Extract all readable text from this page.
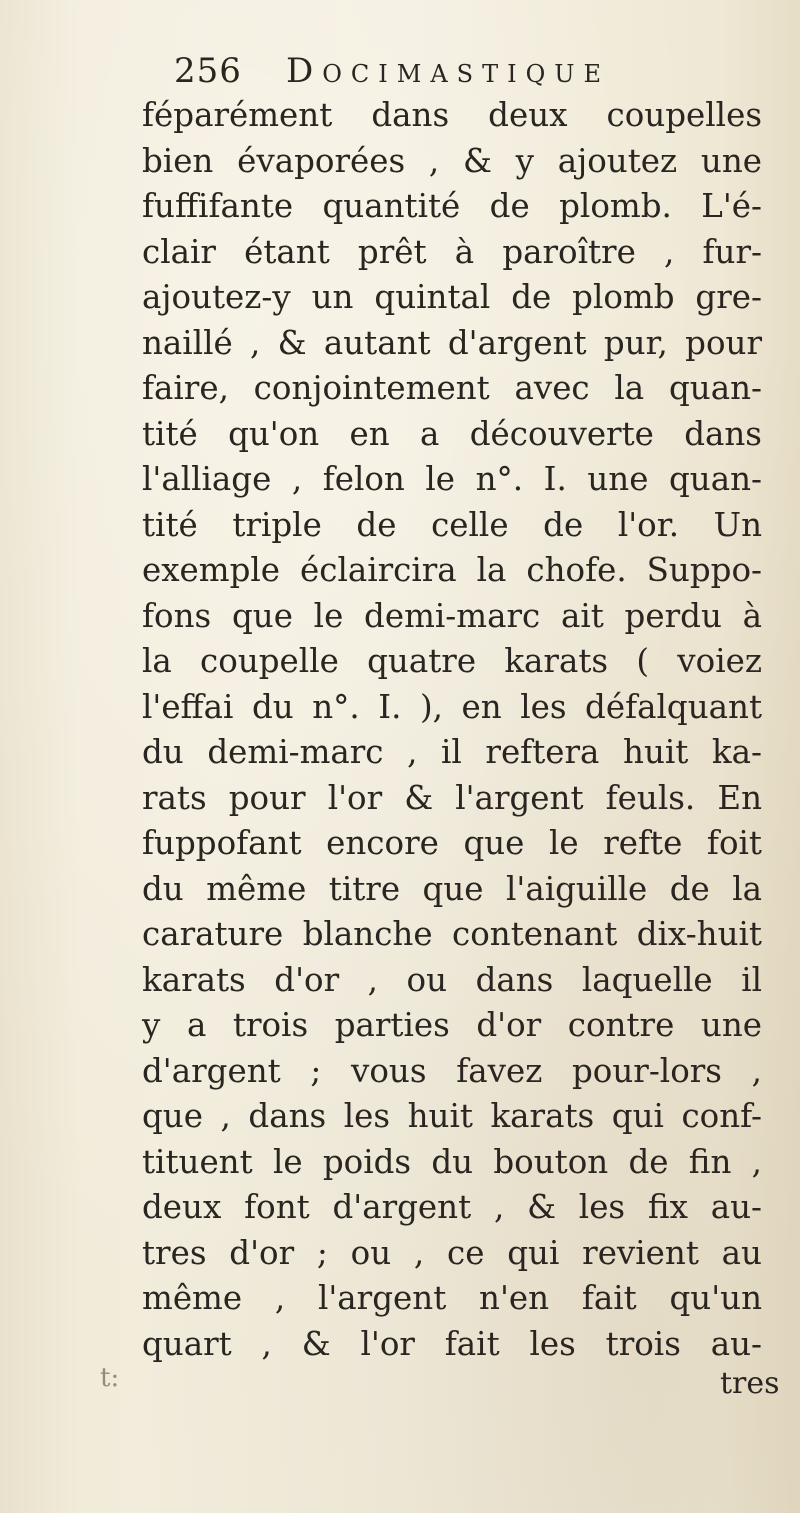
256 Docimastique
féparément dans deux coupelles
bien évaporées , & y ajoutez une
fuffifante quantité de plomb. L'é-
clair étant prêt à paroître , fur-
ajoutez-y un quintal de plomb gre-
naillé , & autant d'argent pur, pour
faire, conjointement avec la quan-
tité qu'on en a découverte dans
l'alliage , felon le n°. I. une quan-
tité triple de celle de l'or. Un
exemple éclaircira la chofe. Suppo-
fons que le demi-marc ait perdu à
la coupelle quatre karats ( voiez
l'effai du n°. I. ), en les défalquant
du demi-marc , il reftera huit ka-
rats pour l'or & l'argent feuls. En
fuppofant encore que le refte foit
du même titre que l'aiguille de la
carature blanche contenant dix-huit
karats d'or , ou dans laquelle il
y a trois parties d'or contre une
d'argent ; vous favez pour-lors ,
que , dans les huit karats qui conf-
tituent le poids du bouton de fin ,
deux font d'argent , & les fix au-
tres d'or ; ou , ce qui revient au
même , l'argent n'en fait qu'un
quart , & l'or fait les trois au-
t:	tres
